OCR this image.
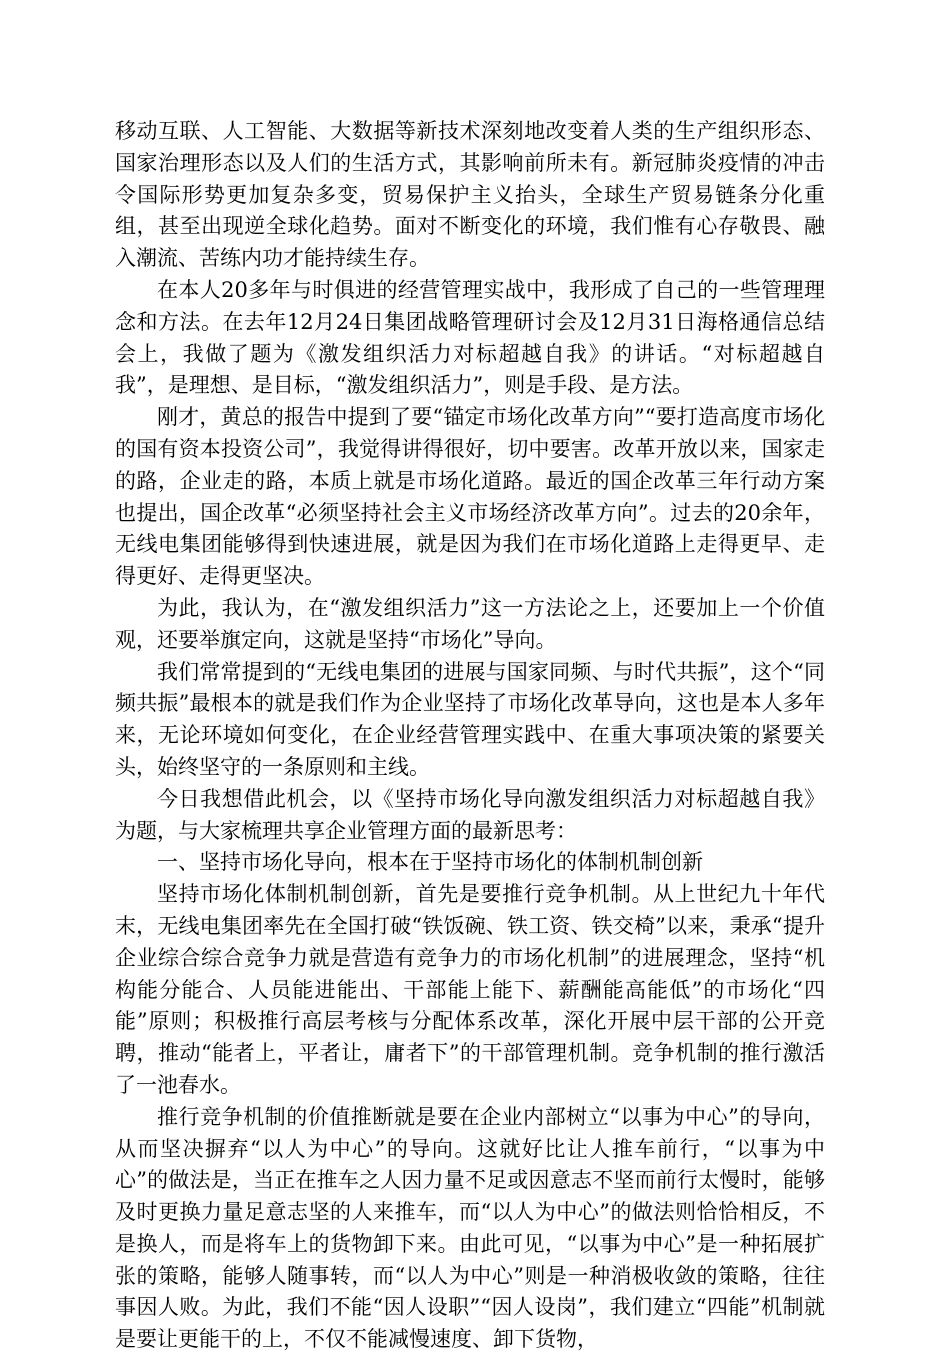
移动互联、人工智能、大数据等新技术深刻地改变着人类的生产组织形态、国家治理形态以及人们的生活方式，其影响前所未有。新冠肺炎疫情的冲击令国际形势更加复杂多变，贸易保护主义抬头，全球生产贸易链条分化重组，甚至出现逆全球化趋势。面对不断变化的环境，我们惟有心存敬畏、融入潮流、苦练内功才能持续生存。

在本人20多年与时俱进的经营管理实战中，我形成了自己的一些管理理念和方法。在去年12月24日集团战略管理研讨会及12月31日海格通信总结会上，我做了题为《激发组织活力对标超越自我》的讲话。“对标超越自我”，是理想、是目标，“激发组织活力”，则是手段、是方法。

刚才，黄总的报告中提到了要“锚定市场化改革方向”“要打造高度市场化的国有资本投资公司”，我觉得讲得很好，切中要害。改革开放以来，国家走的路，企业走的路，本质上就是市场化道路。最近的国企改革三年行动方案也提出，国企改革“必须坚持社会主义市场经济改革方向”。过去的20余年，无线电集团能够得到快速进展，就是因为我们在市场化道路上走得更早、走得更好、走得更坚决。

为此，我认为，在“激发组织活力”这一方法论之上，还要加上一个价值观，还要举旗定向，这就是坚持“市场化”导向。

我们常常提到的“无线电集团的进展与国家同频、与时代共振”，这个“同频共振”最根本的就是我们作为企业坚持了市场化改革导向，这也是本人多年来，无论环境如何变化，在企业经营管理实践中、在重大事项决策的紧要关头，始终坚守的一条原则和主线。

今日我想借此机会，以《坚持市场化导向激发组织活力对标超越自我》为题，与大家梳理共享企业管理方面的最新思考：

一、坚持市场化导向，根本在于坚持市场化的体制机制创新

坚持市场化体制机制创新，首先是要推行竞争机制。从上世纪九十年代末，无线电集团率先在全国打破“铁饭碗、铁工资、铁交椅”以来，秉承“提升企业综合综合竞争力就是营造有竞争力的市场化机制”的进展理念，坚持“机构能分能合、人员能进能出、干部能上能下、薪酬能高能低”的市场化“四能”原则；积极推行高层考核与分配体系改革，深化开展中层干部的公开竞聘，推动“能者上，平者让，庸者下”的干部管理机制。竞争机制的推行激活了一池春水。

推行竞争机制的价值推断就是要在企业内部树立“以事为中心”的导向，从而坚决摒弃“以人为中心”的导向。这就好比让人推车前行，“以事为中心”的做法是，当正在推车之人因力量不足或因意志不坚而前行太慢时，能够及时更换力量足意志坚的人来推车，而“以人为中心”的做法则恰恰相反，不是换人，而是将车上的货物卸下来。由此可见，“以事为中心”是一种拓展扩张的策略，能够人随事转，而“以人为中心”则是一种消极收敛的策略，往往事因人败。为此，我们不能“因人设职”“因人设岗”，我们建立“四能”机制就是要让更能干的上，不仅不能减慢速度、卸下货物，
